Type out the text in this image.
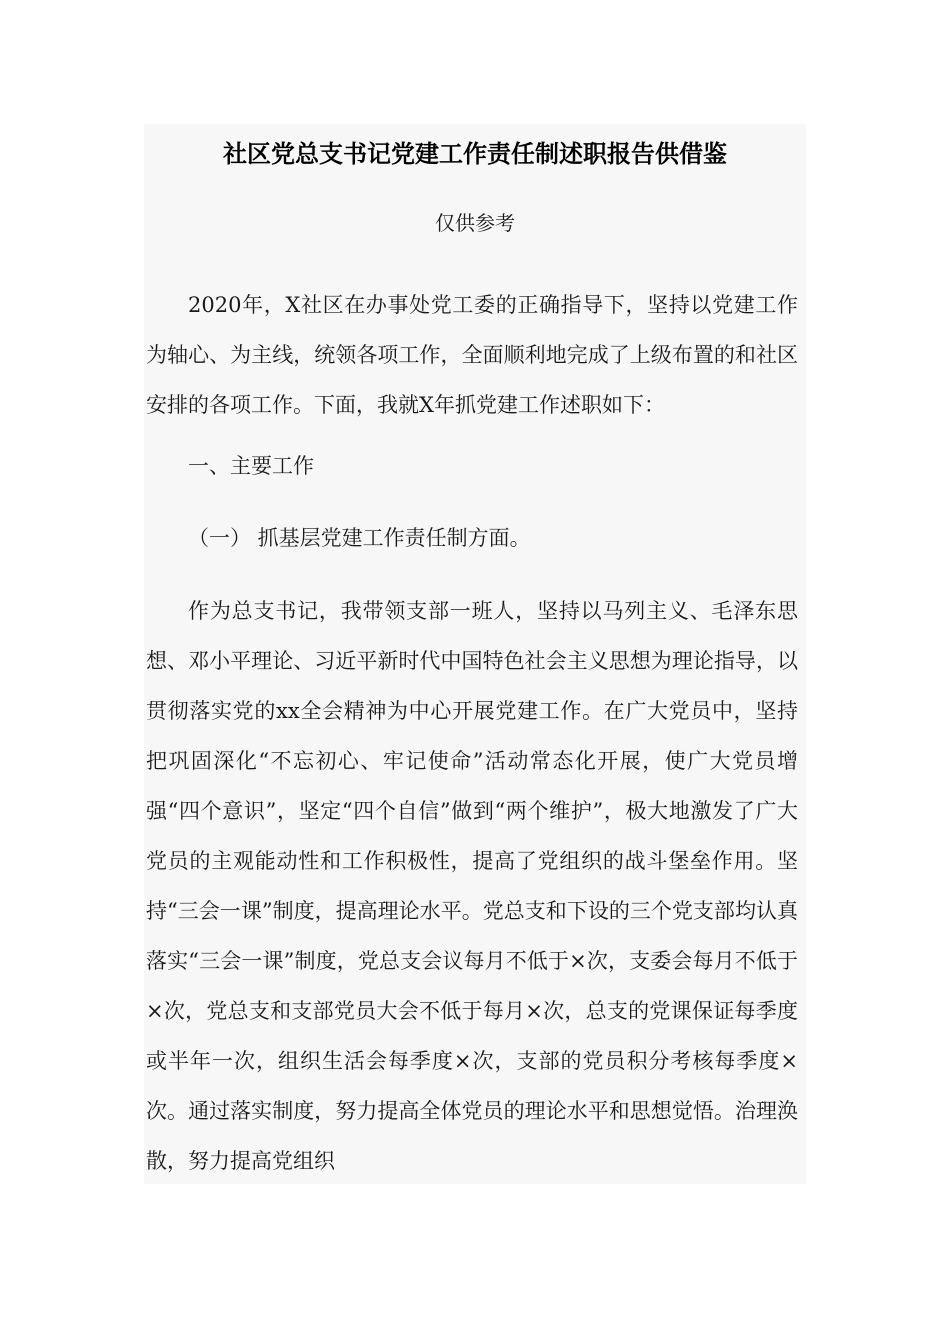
社区党总支书记党建工作责任制述职报告供借鉴

仅供参考

2020年，X社区在办事处党工委的正确指导下，坚持以党建工作为轴心、为主线，统领各项工作，全面顺利地完成了上级布置的和社区安排的各项工作。下面，我就X年抓党建工作述职如下：

一、主要工作

（一） 抓基层党建工作责任制方面。

作为总支书记，我带领支部一班人，坚持以马列主义、毛泽东思想、邓小平理论、习近平新时代中国特色社会主义思想为理论指导，以贯彻落实党的xx全会精神为中心开展党建工作。在广大党员中，坚持把巩固深化“不忘初心、牢记使命”活动常态化开展，使广大党员增强“四个意识”，坚定“四个自信”做到“两个维护”，极大地激发了广大党员的主观能动性和工作积极性，提高了党组织的战斗堡垒作用。坚持“三会一课”制度，提高理论水平。党总支和下设的三个党支部均认真落实“三会一课”制度，党总支会议每月不低于×次，支委会每月不低于×次，党总支和支部党员大会不低于每月×次，总支的党课保证每季度或半年一次，组织生活会每季度×次，支部的党员积分考核每季度×次。通过落实制度，努力提高全体党员的理论水平和思想觉悟。治理涣散，努力提高党组织
